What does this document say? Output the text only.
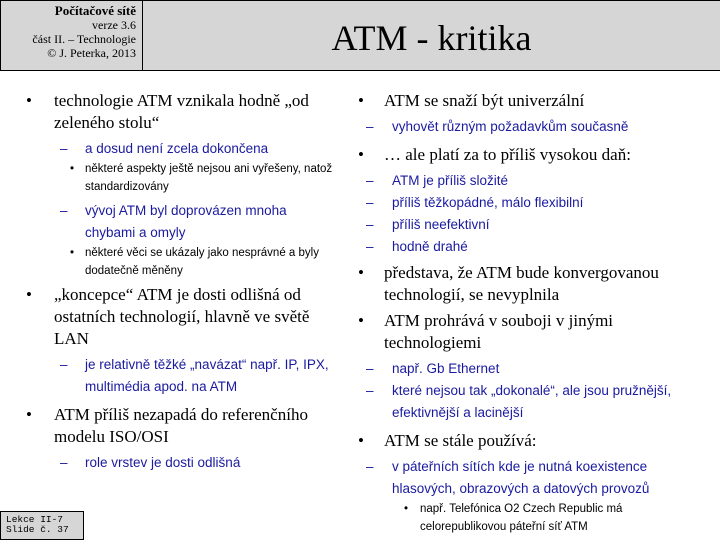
Počítačové sítě
verze 3.6
část II. – Technologie
© J. Peterka, 2013	ATM - kritika
• technologie ATM vznikala hodně „od zeleného stolu“
– a dosud není zcela dokončena
• některé aspekty ještě nejsou ani vyřešeny, natož standardizovány
– vývoj ATM byl doprovázen mnoha chybami a omyly
• některé věci se ukázaly jako nesprávné a byly dodatečně měněny
• „koncepce“ ATM je dosti odlišná od ostatních technologií, hlavně ve světě LAN
– je relativně těžké „navázat“ např. IP, IPX, multimédia apod. na ATM
• ATM příliš nezapadá do referenčního modelu ISO/OSI
– role vrstev je dosti odlišná
• ATM se snaží být univerzální
– vyhovět různým požadavkům současně
• … ale platí za to příliš vysokou daň:
– ATM je příliš složité
– příliš těžkopádné, málo flexibilní
– příliš neefektivní
– hodně drahé
• představa, že ATM bude konvergovanou technologií, se nevyplnila
• ATM prohrává v souboji v jinými technologiemi
– např. Gb Ethernet
– které nejsou tak „dokonalé“, ale jsou pružnější, efektivnější a lacinější
• ATM se stále používá:
– v páteřních sítích kde je nutná koexistence hlasových, obrazových a datových provozů
• např. Telefónica O2 Czech Republic má celorepublikovou páteřní síť ATM
Lekce II-7
Slide č. 37
